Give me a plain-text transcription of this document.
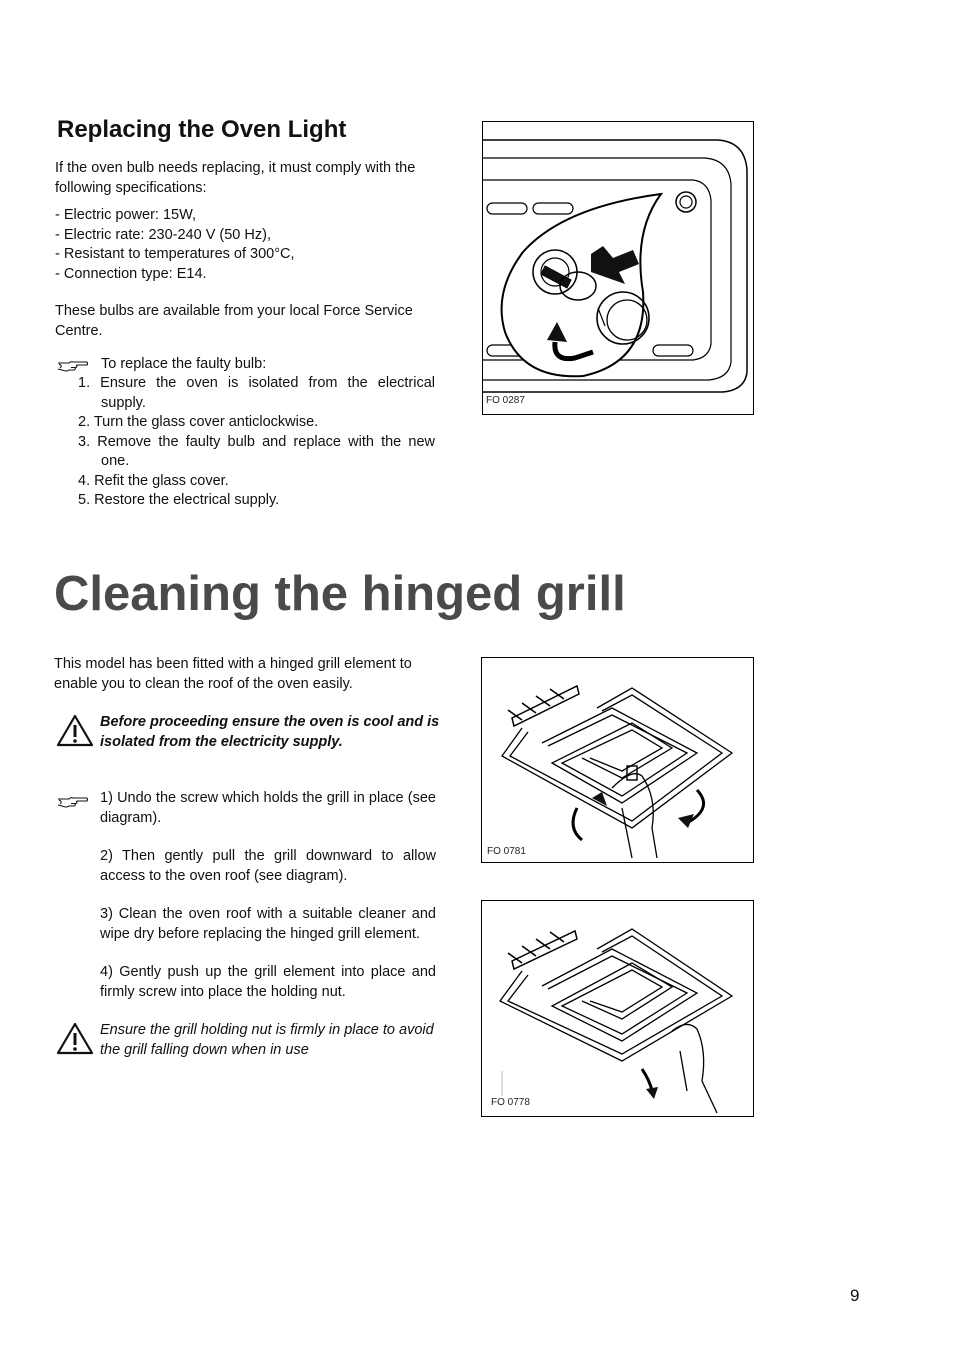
Replacing the Oven Light

If the oven bulb needs replacing, it must comply with the following specifications:

- Electric power: 15W,
- Electric rate: 230-240 V (50 Hz),
- Resistant to temperatures of 300°C,
- Connection type: E14.

These bulbs are available from your local Force Service Centre.

To replace the faulty bulb:

1. Ensure the oven is isolated from the electrical supply.
2. Turn the glass cover anticlockwise.
3. Remove the faulty bulb and replace with the new one.
4. Refit the glass cover.
5. Restore the electrical supply.
FO 0287
Cleaning the hinged grill

This model has been fitted with a hinged grill element to enable you to clean the roof of the oven easily.

Before proceeding ensure the oven is cool and is isolated from the electricity supply.

1) Undo the screw which holds the grill in place (see diagram).

2) Then gently pull the grill downward to allow access to the oven roof (see diagram).

3) Clean the oven roof with a suitable cleaner and wipe dry before replacing the hinged grill element.

4) Gently push up the grill element into place and firmly screw into place the holding nut.

Ensure the grill holding nut is firmly in place to avoid the grill falling down when in use

FO 0781
FO 0778
9
